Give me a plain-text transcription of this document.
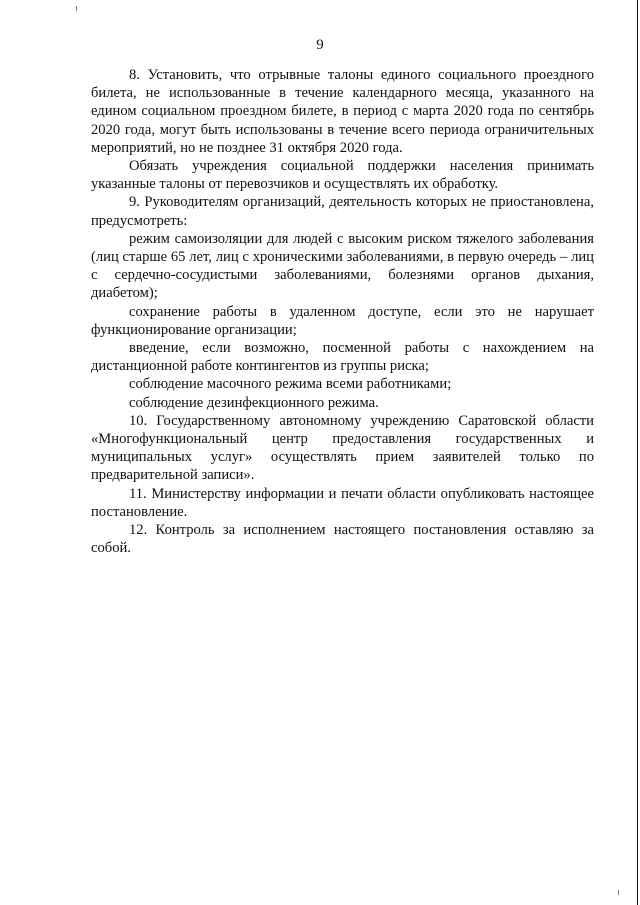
9

8. Установить, что отрывные талоны единого социального проездного билета, не использованные в течение календарного месяца, указанного на едином социальном проездном билете, в период с марта 2020 года по сентябрь 2020 года, могут быть использованы в течение всего периода ограничительных мероприятий, но не позднее 31 октября 2020 года.

Обязать учреждения социальной поддержки населения принимать указанные талоны от перевозчиков и осуществлять их обработку.

9. Руководителям организаций, деятельность которых не приостановлена, предусмотреть:

режим самоизоляции для людей с высоким риском тяжелого заболевания (лиц старше 65 лет, лиц с хроническими заболеваниями, в первую очередь – лиц с сердечно-сосудистыми заболеваниями, болезнями органов дыхания, диабетом);

сохранение работы в удаленном доступе, если это не нарушает функционирование организации;

введение, если возможно, посменной работы с нахождением на дистанционной работе контингентов из группы риска;

соблюдение масочного режима всеми работниками;

соблюдение дезинфекционного режима.

10. Государственному автономному учреждению Саратовской области «Многофункциональный центр предоставления государственных и муниципальных услуг» осуществлять прием заявителей только по предварительной записи».

11. Министерству информации и печати области опубликовать настоящее постановление.

12. Контроль за исполнением настоящего постановления оставляю за собой.
